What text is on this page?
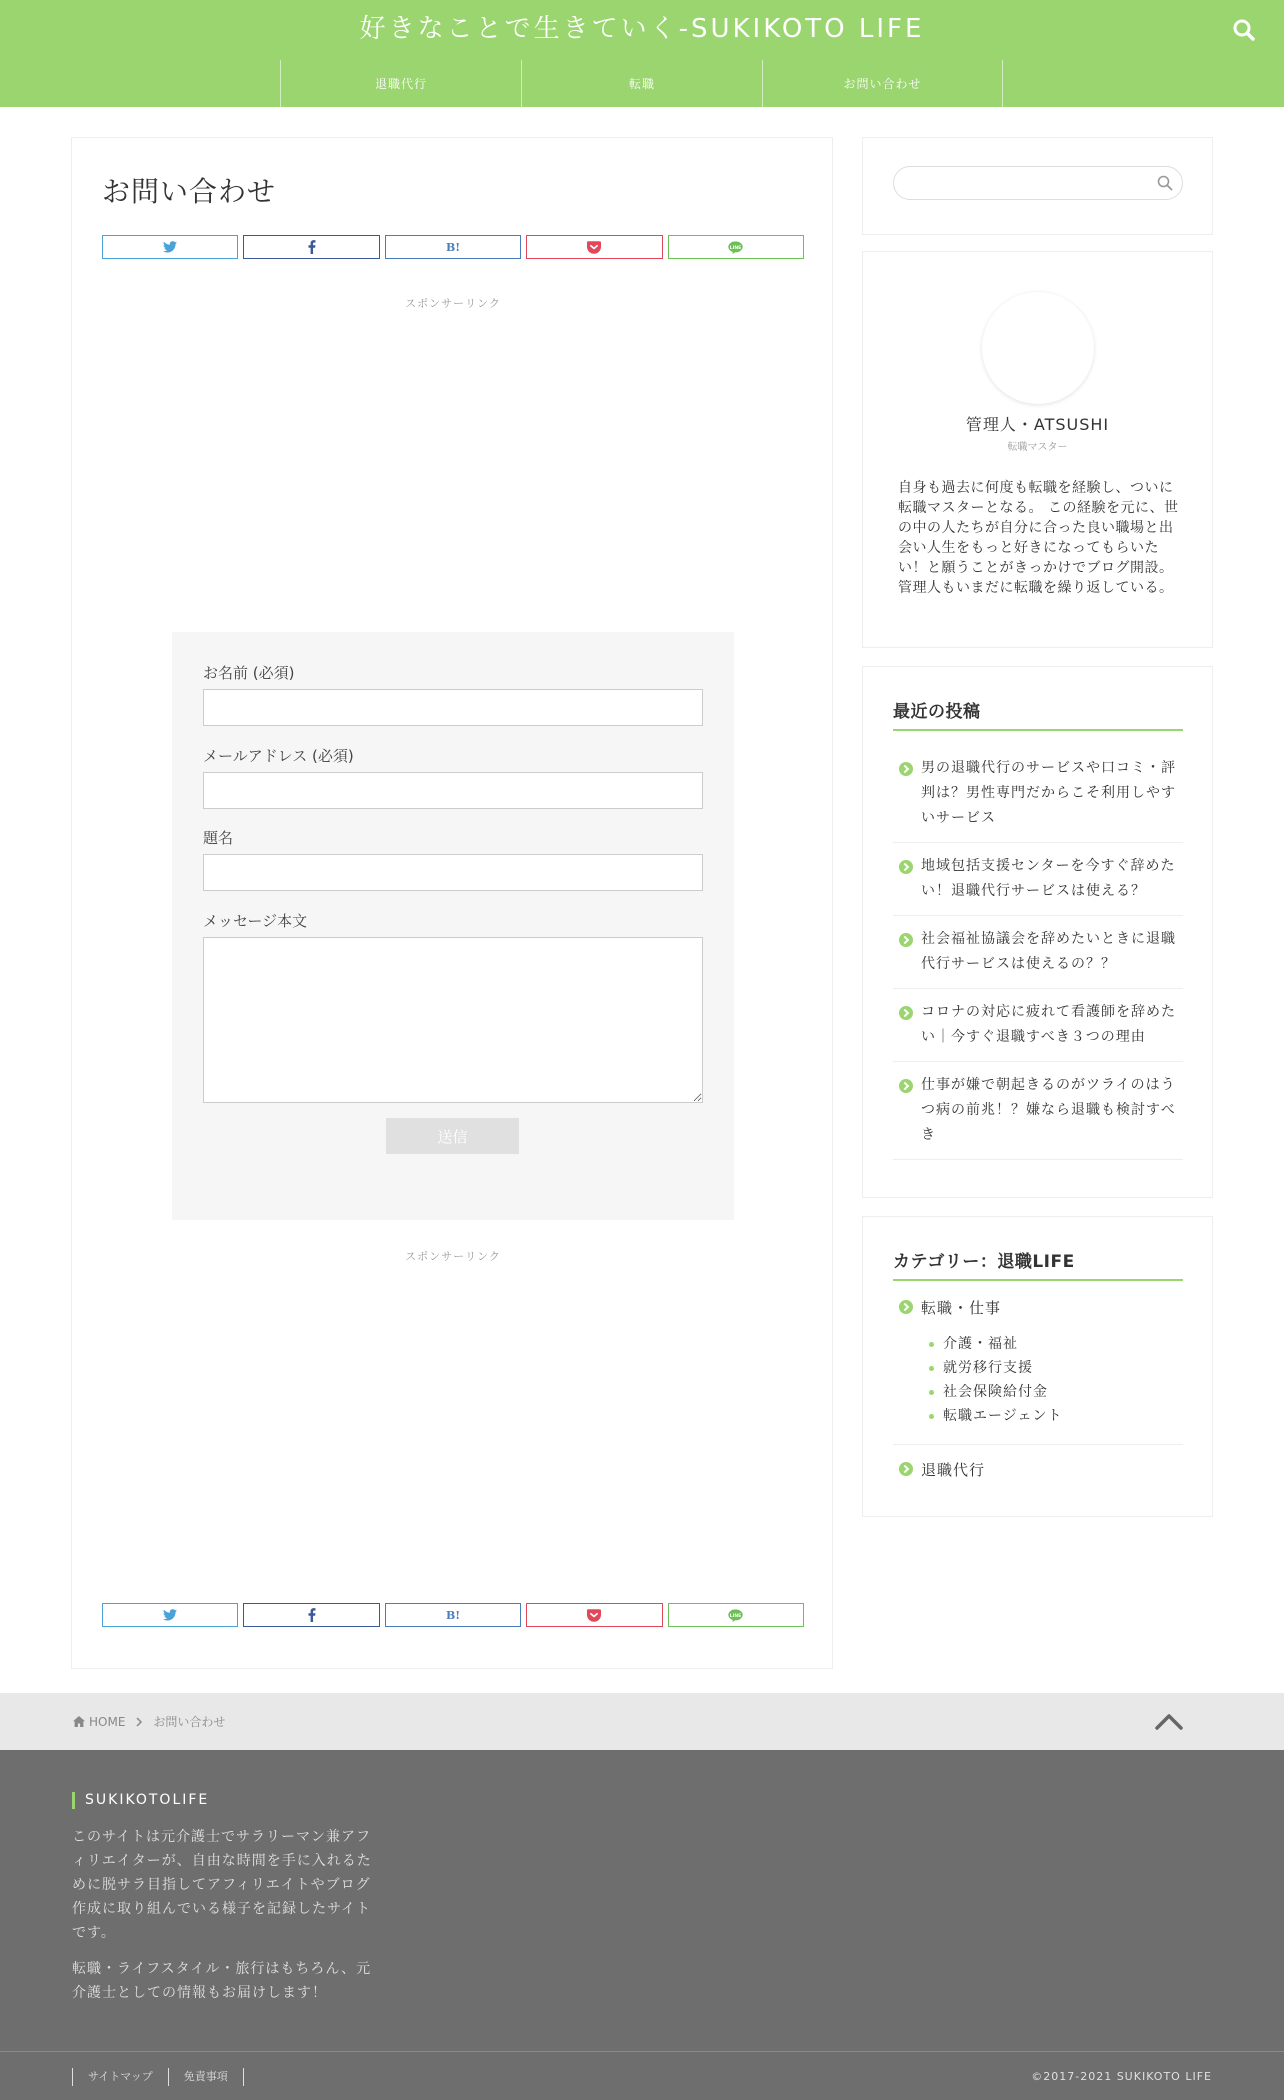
好きなことで生きていく-SUKIKOTO LIFE
退職代行	転職	お問い合わせ
お問い合わせ
B!	LINE
スポンサーリンク
お名前 (必須)
メールアドレス (必須)
題名
メッセージ本文
送信
スポンサーリンク
B!	LINE
管理人・ATSUSHI
転職マスター

自身も過去に何度も転職を経験し、ついに転職マスターとなる。 この経験を元に、世の中の人たちが自分に合った良い職場と出会い人生をもっと好きになってもらいたい！と願うことがきっかけでブログ開設。 管理人もいまだに転職を繰り返している。

最近の投稿
男の退職代行のサービスや口コミ・評判は？男性専門だからこそ利用しやすいサービス
地域包括支援センターを今すぐ辞めたい！退職代行サービスは使える？
社会福祉協議会を辞めたいときに退職代行サービスは使えるの？？
コロナの対応に疲れて看護師を辞めたい｜今すぐ退職すべき３つの理由
仕事が嫌で朝起きるのがツライのはうつ病の前兆！？嫌なら退職も検討すべき
カテゴリー：退職LIFE
転職・仕事
介護・福祉
就労移行支援
社会保険給付金
転職エージェント
退職代行
HOME お問い合わせ
SUKIKOTOLIFE

このサイトは元介護士でサラリーマン兼アフィリエイターが、自由な時間を手に入れるために脱サラ目指してアフィリエイトやブログ作成に取り組んでいる様子を記録したサイトです。

転職・ライフスタイル・旅行はもちろん、元介護士としての情報もお届けします！

サイトマップ	免責事項	©2017-2021 SUKIKOTO LIFE
